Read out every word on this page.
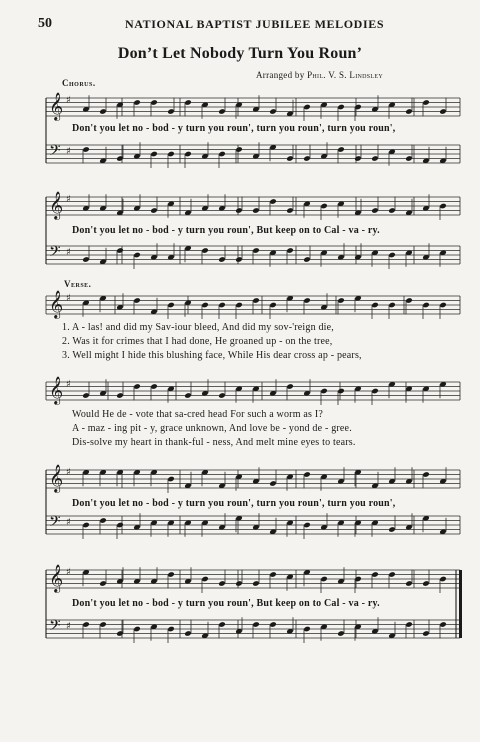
50	NATIONAL BAPTIST JUBILEE MELODIES
Don’t Let Nobody Turn You Roun’
Arranged by Phil. V. S. Lindsley
Chorus.
Verse.
𝄞 ♯
𝄢 ♯
𝄞 ♯
𝄢 ♯
𝄞 ♯
𝄞 ♯
𝄞 ♯
𝄢 ♯
𝄞 ♯
𝄢 ♯
Don't you let no - bod - y turn you roun', turn you roun', turn you roun',
Don't you let no - bod - y turn you roun', But keep on to Cal - va - ry.
1. A - las! and did my Sav-iour bleed, And did my sov-'reign die,
2. Was it for crimes that I had done, He groaned up - on the tree,
3. Well might I hide this blushing face, While His dear cross ap - pears,
Would He de - vote that sa-cred head For such a worm as I?
A - maz - ing pit - y, grace unknown, And love be - yond de - gree.
Dis-solve my heart in thank-ful - ness, And melt mine eyes to tears.
Don't you let no - bod - y turn you roun', turn you roun', turn you roun',
Don't you let no - bod - y turn you roun', But keep on to Cal - va - ry.
